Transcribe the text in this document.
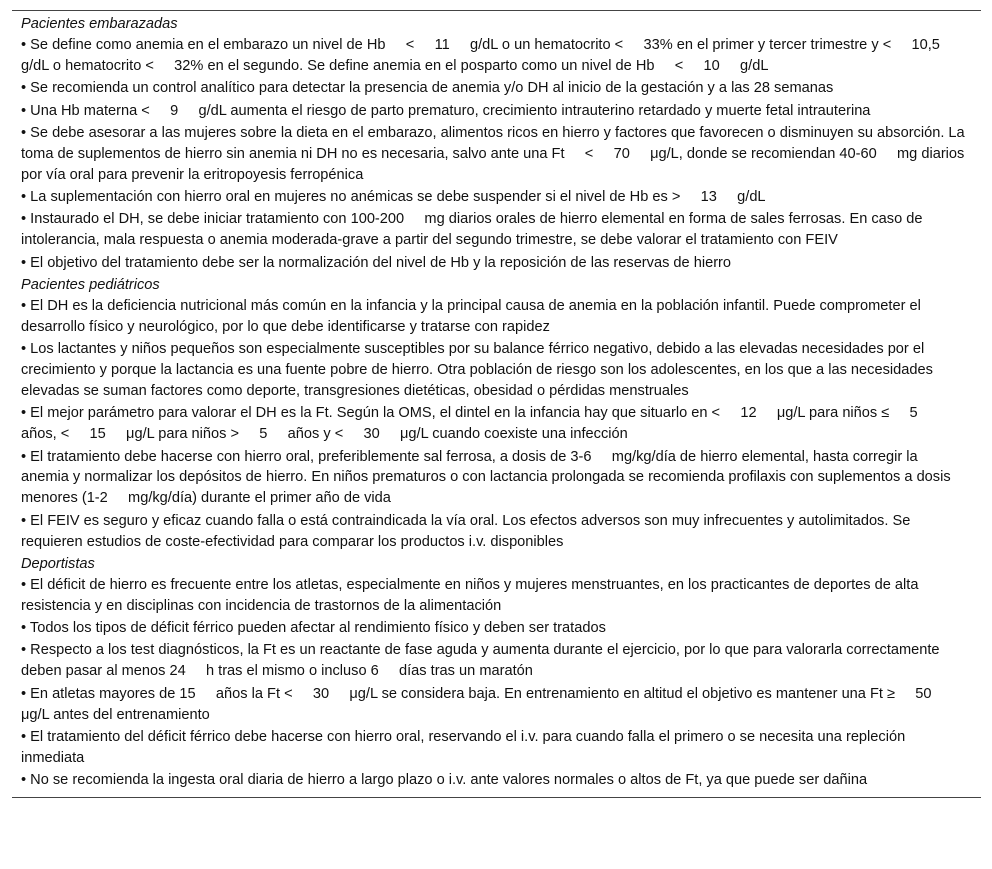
Pacientes embarazadas
• Se define como anemia en el embarazo un nivel de Hb     <     11     g/dL o un hematocrito <     33% en el primer y tercer trimestre y <     10,5     g/dL o hematocrito <     32% en el segundo. Se define anemia en el posparto como un nivel de Hb     <     10     g/dL
• Se recomienda un control analítico para detectar la presencia de anemia y/o DH al inicio de la gestación y a las 28 semanas
• Una Hb materna <     9     g/dL aumenta el riesgo de parto prematuro, crecimiento intrauterino retardado y muerte fetal intrauterina
• Se debe asesorar a las mujeres sobre la dieta en el embarazo, alimentos ricos en hierro y factores que favorecen o disminuyen su absorción. La toma de suplementos de hierro sin anemia ni DH no es necesaria, salvo ante una Ft     <     70     μg/L, donde se recomiendan 40-60     mg diarios por vía oral para prevenir la eritropoyesis ferropénica
• La suplementación con hierro oral en mujeres no anémicas se debe suspender si el nivel de Hb es >     13     g/dL
• Instaurado el DH, se debe iniciar tratamiento con 100-200     mg diarios orales de hierro elemental en forma de sales ferrosas. En caso de intolerancia, mala respuesta o anemia moderada-grave a partir del segundo trimestre, se debe valorar el tratamiento con FEIV
• El objetivo del tratamiento debe ser la normalización del nivel de Hb y la reposición de las reservas de hierro
Pacientes pediátricos
• El DH es la deficiencia nutricional más común en la infancia y la principal causa de anemia en la población infantil. Puede comprometer el desarrollo físico y neurológico, por lo que debe identificarse y tratarse con rapidez
• Los lactantes y niños pequeños son especialmente susceptibles por su balance férrico negativo, debido a las elevadas necesidades por el crecimiento y porque la lactancia es una fuente pobre de hierro. Otra población de riesgo son los adolescentes, en los que a las necesidades elevadas se suman factores como deporte, transgresiones dietéticas, obesidad o pérdidas menstruales
• El mejor parámetro para valorar el DH es la Ft. Según la OMS, el dintel en la infancia hay que situarlo en <     12     μg/L para niños ≤     5     años, <     15     μg/L para niños >     5     años y <     30     μg/L cuando coexiste una infección
• El tratamiento debe hacerse con hierro oral, preferiblemente sal ferrosa, a dosis de 3-6     mg/kg/día de hierro elemental, hasta corregir la anemia y normalizar los depósitos de hierro. En niños prematuros o con lactancia prolongada se recomienda profilaxis con suplementos a dosis menores (1-2     mg/kg/día) durante el primer año de vida
• El FEIV es seguro y eficaz cuando falla o está contraindicada la vía oral. Los efectos adversos son muy infrecuentes y autolimitados. Se requieren estudios de coste-efectividad para comparar los productos i.v. disponibles
Deportistas
• El déficit de hierro es frecuente entre los atletas, especialmente en niños y mujeres menstruantes, en los practicantes de deportes de alta resistencia y en disciplinas con incidencia de trastornos de la alimentación
• Todos los tipos de déficit férrico pueden afectar al rendimiento físico y deben ser tratados
• Respecto a los test diagnósticos, la Ft es un reactante de fase aguda y aumenta durante el ejercicio, por lo que para valorarla correctamente deben pasar al menos 24     h tras el mismo o incluso 6     días tras un maratón
• En atletas mayores de 15     años la Ft <     30     μg/L se considera baja. En entrenamiento en altitud el objetivo es mantener una Ft ≥     50     μg/L antes del entrenamiento
• El tratamiento del déficit férrico debe hacerse con hierro oral, reservando el i.v. para cuando falla el primero o se necesita una repleción inmediata
• No se recomienda la ingesta oral diaria de hierro a largo plazo o i.v. ante valores normales o altos de Ft, ya que puede ser dañina
